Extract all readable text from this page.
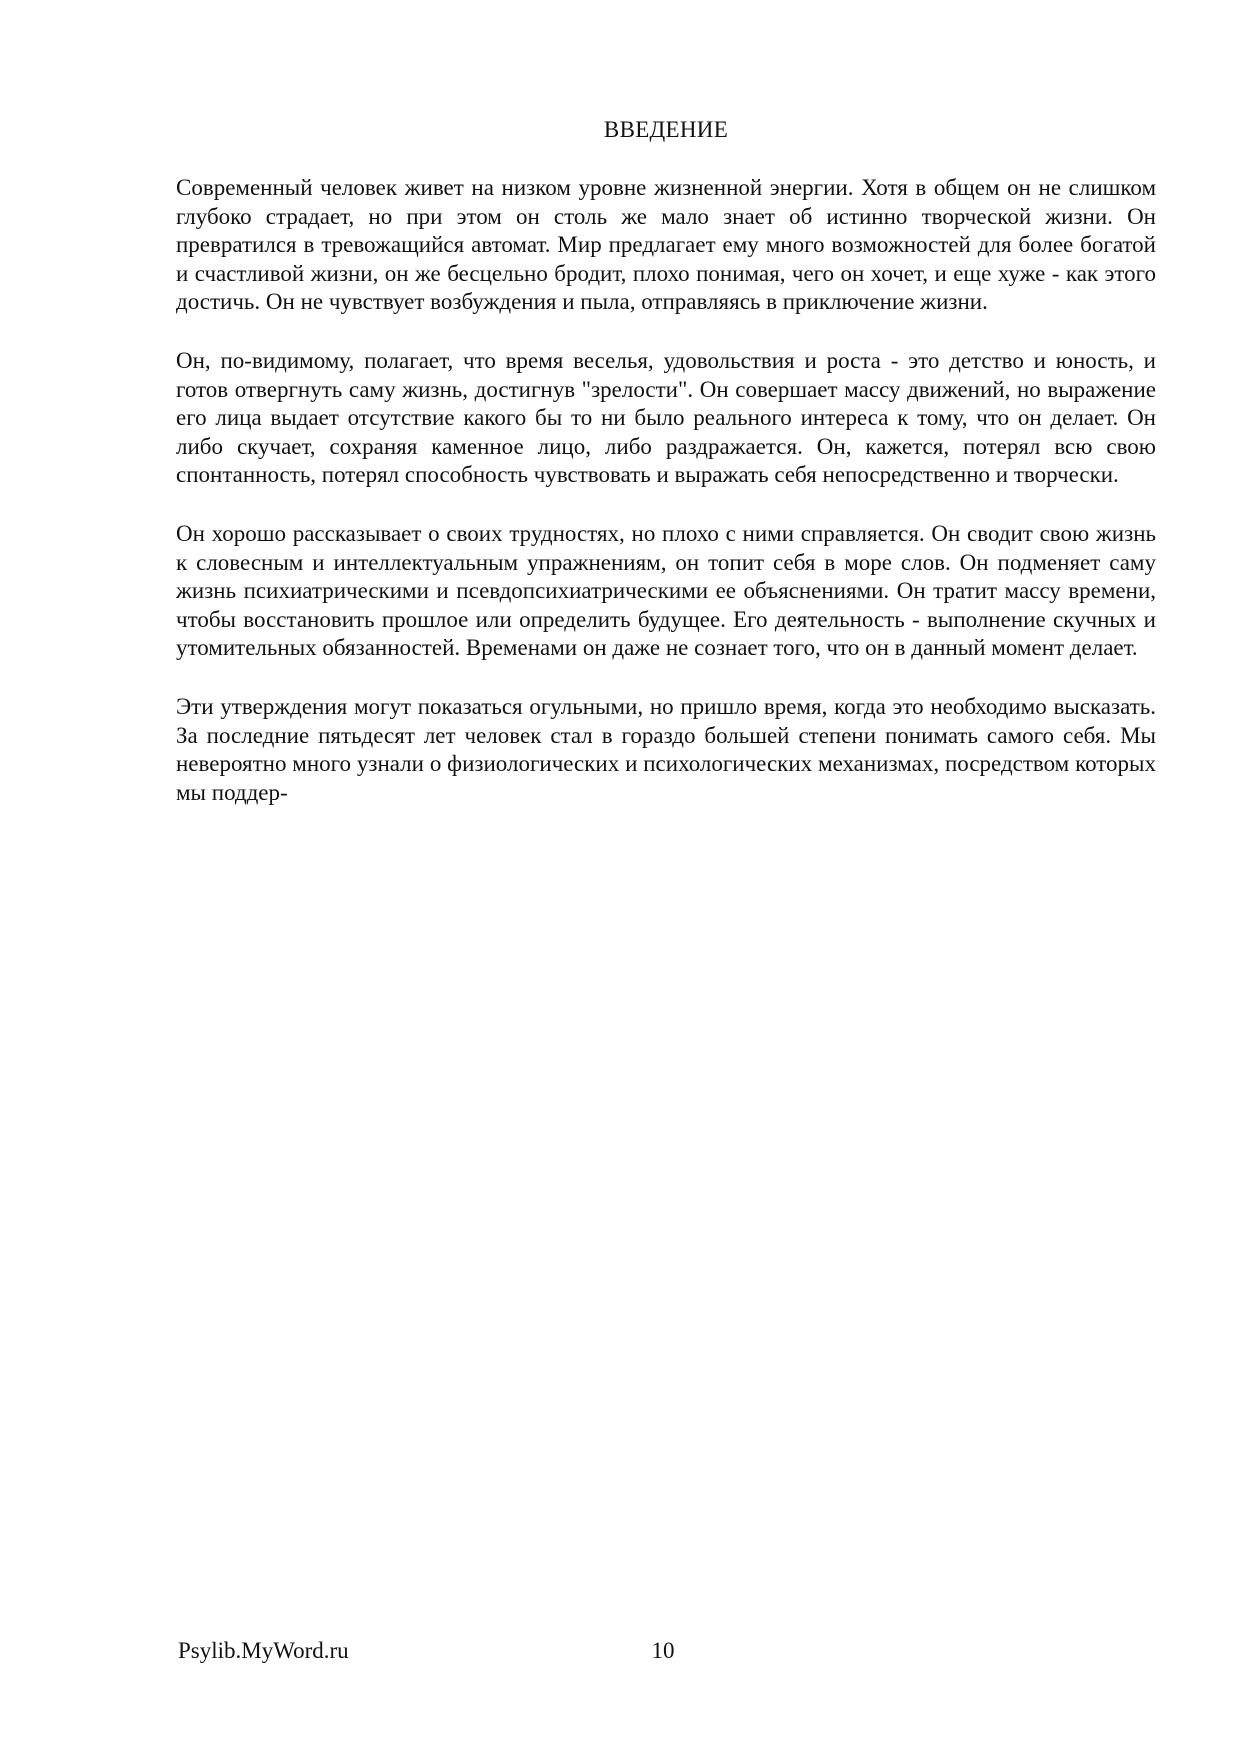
ВВЕДЕНИЕ

Современный человек живет на низком уровне жизненной энергии. Хотя в общем он не слишком глубоко страдает, но при этом он столь же мало знает об истинно творческой жизни. Он превратился в тревожащийся автомат. Мир предлагает ему много возможностей для более богатой и счастливой жизни, он же бесцельно бродит, плохо понимая, чего он хочет, и еще хуже - как этого достичь. Он не чувствует возбуждения и пыла, отправляясь в приключение жизни.

Он, по-видимому, полагает, что время веселья, удовольствия и роста - это детство и юность, и готов отвергнуть саму жизнь, достигнув "зрелости". Он совершает массу движений, но выражение его лица выдает отсутствие какого бы то ни было реального интереса к тому, что он делает. Он либо скучает, сохраняя каменное лицо, либо раздражается. Он, кажется, потерял всю свою спонтанность, потерял способность чувствовать и выражать себя непосредственно и творчески.

Он хорошо рассказывает о своих трудностях, но плохо с ними справляется. Он сводит свою жизнь к словесным и интеллектуальным упражнениям, он топит себя в море слов. Он подменяет саму жизнь психиатрическими и псевдопсихиатрическими ее объяснениями. Он тратит массу времени, чтобы восстановить прошлое или определить будущее. Его деятельность - выполнение скучных и утомительных обязанностей. Временами он даже не сознает того, что он в данный момент делает.

Эти утверждения могут показаться огульными, но пришло время, когда это необходимо высказать. За последние пятьдесят лет человек стал в гораздо большей степени понимать самого себя. Мы невероятно много узнали о физиологических и психологических механизмах, посредством которых мы поддер-

Psylib.MyWord.ru	10
